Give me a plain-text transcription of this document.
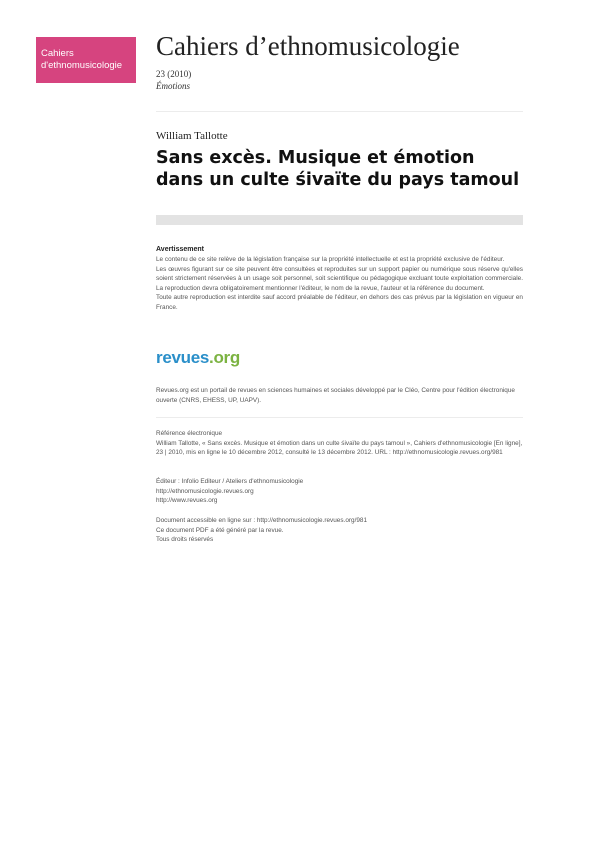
Cahiers
d'ethnomusicologie
Cahiers d’ethnomusicologie
23 (2010)
Émotions
William Tallotte
Sans excès. Musique et émotion dans un culte śivaïte du pays tamoul
Avertissement

Le contenu de ce site relève de la législation française sur la propriété intellectuelle et est la propriété exclusive de l'éditeur.

Les œuvres figurant sur ce site peuvent être consultées et reproduites sur un support papier ou numérique sous réserve qu'elles soient strictement réservées à un usage soit personnel, soit scientifique ou pédagogique excluant toute exploitation commerciale. La reproduction devra obligatoirement mentionner l'éditeur, le nom de la revue, l'auteur et la référence du document.

Toute autre reproduction est interdite sauf accord préalable de l'éditeur, en dehors des cas prévus par la législation en vigueur en France.

revues.org
Revues.org est un portail de revues en sciences humaines et sociales développé par le Cléo, Centre pour l'édition électronique ouverte (CNRS, EHESS, UP, UAPV).

Référence électronique

William Tallotte, « Sans excès. Musique et émotion dans un culte śivaïte du pays tamoul », Cahiers d'ethnomusicologie [En ligne], 23 | 2010, mis en ligne le 10 décembre 2012, consulté le 13 décembre 2012. URL : http://ethnomusicologie.revues.org/981

Éditeur : Infolio Editeur / Ateliers d'ethnomusicologie

http://ethnomusicologie.revues.org

http://www.revues.org

Document accessible en ligne sur : http://ethnomusicologie.revues.org/981

Ce document PDF a été généré par la revue.

Tous droits réservés
